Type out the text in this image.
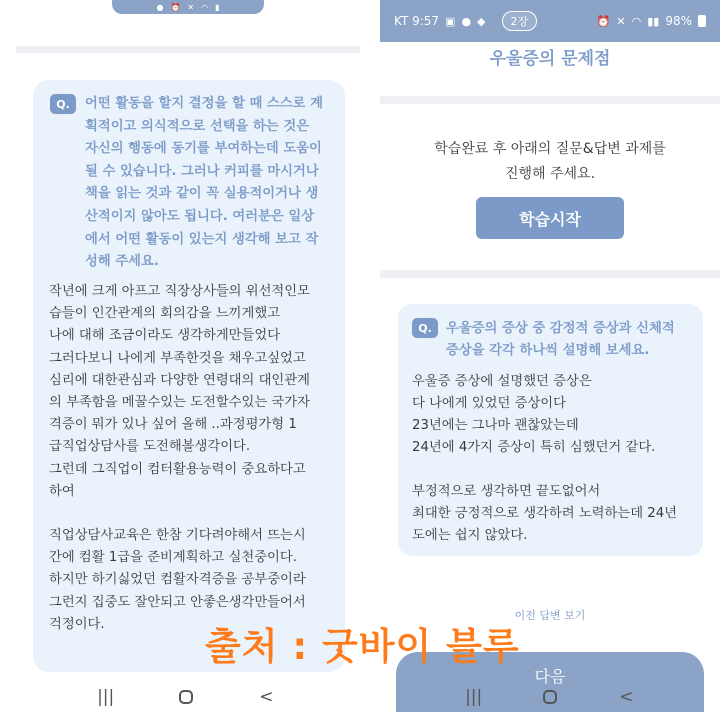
● ⏰ ✕ ◠ ▮
Q.	어떤 활동을 할지 결정을 할 때 스스로 계
획적이고 의식적으로 선택을 하는 것은
자신의 행동에 동기를 부여하는데 도움이
될 수 있습니다. 그러나 커피를 마시거나
책을 읽는 것과 같이 꼭 실용적이거나 생
산적이지 않아도 됩니다. 여러분은 일상
에서 어떤 활동이 있는지 생각해 보고 작
성해 주세요.
작년에 크게 아프고 직장상사들의 위선적인모
습들이 인간관계의 회의감을 느끼게했고
나에 대해 조금이라도 생각하게만들었다
그러다보니 나에게 부족한것을 채우고싶었고
심리에 대한관심과 다양한 연령대의 대인관계
의 부족함을 메꿀수있는 도전할수있는 국가자
격증이 뭐가 있나 싶어 올해 ..과정평가형 1
급직업상담사를 도전해볼생각이다.
그런데 그직업이 컴터활용능력이 중요하다고
하여
직업상담사교육은 한참 기다려야해서 뜨는시
간에 컴활 1급을 준비계획하고 실천중이다.
하지만 하기싫었던 컴활자격증을 공부중이라
그런지 집중도 잘안되고 안좋은생각만들어서
걱정이다.
|||	<
KT 9:57 ▣ ● ◆	2장	⏰ ✕ ◠ ▮▮ 98%
우울증의 문제점
학습완료 후 아래의 질문&답변 과제를
진행해 주세요.
학습시작
Q.	우울증의 증상 중 감정적 증상과 신체적
증상을 각각 하나씩 설명해 보세요.
우울증 증상에 설명했던 증상은
다 나에게 있었던 증상이다
23년에는 그나마 괜찮았는데
24년에 4가지 증상이 특히 심했던거 같다.
부정적으로 생각하면 끝도없어서
최대한 긍정적으로 생각하려 노력하는데 24년
도에는 쉽지 않았다.
이전 답변 보기
다음
|||	<
출처 : 굿바이 블루
